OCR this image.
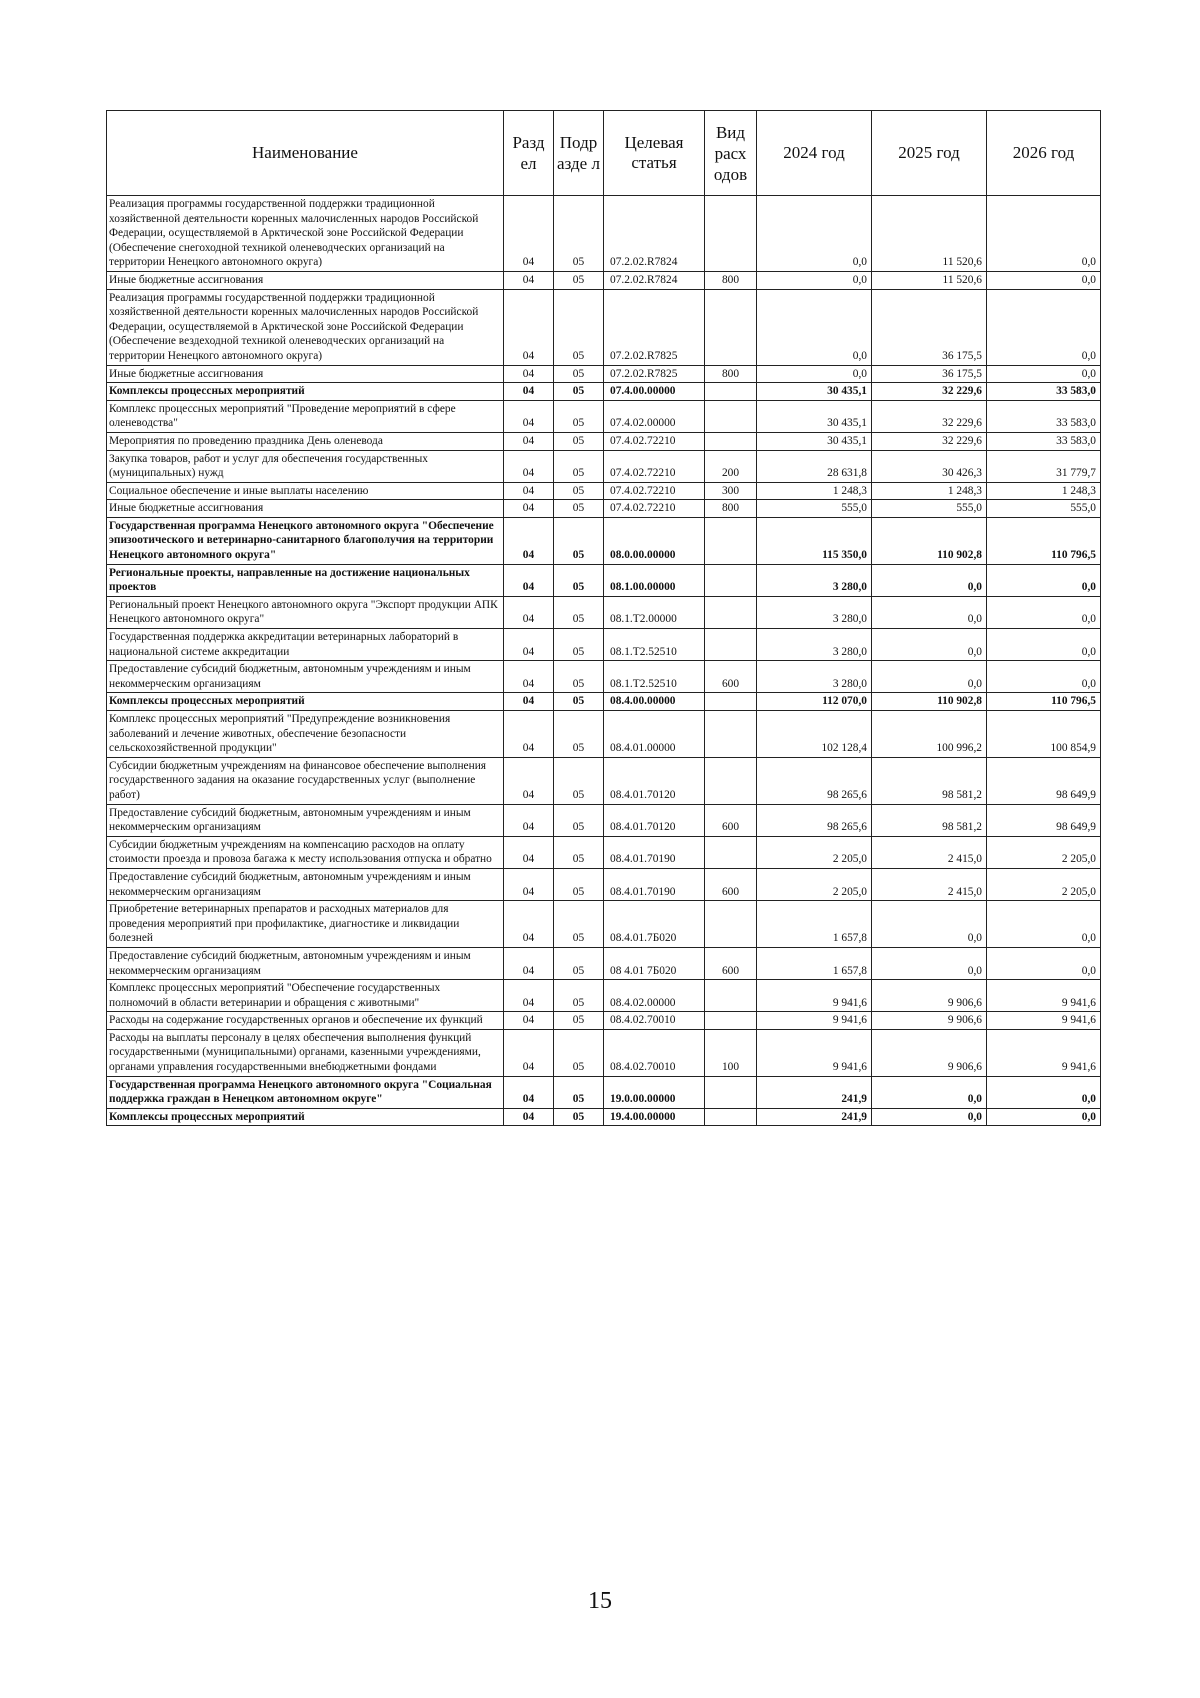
Наименование	Разд ел	Подр азде л	Целевая статья	Вид расх одов	2024 год	2025 год	2026 год
Реализация программы государственной поддержки традиционной хозяйственной деятельности коренных малочисленных народов Российской Федерации, осуществляемой в Арктической зоне Российской Федерации (Обеспечение снегоходной техникой оленеводческих организаций на территории Ненецкого автономного округа)	04	05	07.2.02.R7824		0,0	11 520,6	0,0
Иные бюджетные ассигнования	04	05	07.2.02.R7824	800	0,0	11 520,6	0,0
Реализация программы государственной поддержки традиционной хозяйственной деятельности коренных малочисленных народов Российской Федерации, осуществляемой в Арктической зоне Российской Федерации (Обеспечение вездеходной техникой оленеводческих организаций на территории Ненецкого автономного округа)	04	05	07.2.02.R7825		0,0	36 175,5	0,0
Иные бюджетные ассигнования	04	05	07.2.02.R7825	800	0,0	36 175,5	0,0
Комплексы процессных мероприятий	04	05	07.4.00.00000		30 435,1	32 229,6	33 583,0
Комплекс процессных мероприятий "Проведение мероприятий в сфере оленеводства"	04	05	07.4.02.00000		30 435,1	32 229,6	33 583,0
Мероприятия по проведению праздника День оленевода	04	05	07.4.02.72210		30 435,1	32 229,6	33 583,0
Закупка товаров, работ и услуг для обеспечения государственных (муниципальных) нужд	04	05	07.4.02.72210	200	28 631,8	30 426,3	31 779,7
Социальное обеспечение и иные выплаты населению	04	05	07.4.02.72210	300	1 248,3	1 248,3	1 248,3
Иные бюджетные ассигнования	04	05	07.4.02.72210	800	555,0	555,0	555,0
Государственная программа Ненецкого автономного округа "Обеспечение эпизоотического и ветеринарно-санитарного благополучия на территории Ненецкого автономного округа"	04	05	08.0.00.00000		115 350,0	110 902,8	110 796,5
Региональные проекты, направленные на достижение национальных проектов	04	05	08.1.00.00000		3 280,0	0,0	0,0
Региональный проект Ненецкого автономного округа "Экспорт продукции АПК Ненецкого автономного округа"	04	05	08.1.Т2.00000		3 280,0	0,0	0,0
Государственная поддержка аккредитации ветеринарных лабораторий в национальной системе аккредитации	04	05	08.1.Т2.52510		3 280,0	0,0	0,0
Предоставление субсидий бюджетным, автономным учреждениям и иным некоммерческим организациям	04	05	08.1.Т2.52510	600	3 280,0	0,0	0,0
Комплексы процессных мероприятий	04	05	08.4.00.00000		112 070,0	110 902,8	110 796,5
Комплекс процессных мероприятий "Предупреждение возникновения заболеваний и лечение животных, обеспечение безопасности сельскохозяйственной продукции"	04	05	08.4.01.00000		102 128,4	100 996,2	100 854,9
Субсидии бюджетным учреждениям на финансовое обеспечение выполнения государственного задания на оказание государственных услуг (выполнение работ)	04	05	08.4.01.70120		98 265,6	98 581,2	98 649,9
Предоставление субсидий бюджетным, автономным учреждениям и иным некоммерческим организациям	04	05	08.4.01.70120	600	98 265,6	98 581,2	98 649,9
Субсидии бюджетным учреждениям на компенсацию расходов на оплату стоимости проезда и провоза багажа к месту использования отпуска и обратно	04	05	08.4.01.70190		2 205,0	2 415,0	2 205,0
Предоставление субсидий бюджетным, автономным учреждениям и иным некоммерческим организациям	04	05	08.4.01.70190	600	2 205,0	2 415,0	2 205,0
Приобретение ветеринарных препаратов и расходных материалов для проведения мероприятий при профилактике, диагностике и ликвидации болезней	04	05	08.4.01.7Б020		1 657,8	0,0	0,0
Предоставление субсидий бюджетным, автономным учреждениям и иным некоммерческим организациям	04	05	08 4.01 7Б020	600	1 657,8	0,0	0,0
Комплекс процессных мероприятий "Обеспечение государственных полномочий в области ветеринарии и обращения с животными"	04	05	08.4.02.00000		9 941,6	9 906,6	9 941,6
Расходы на содержание государственных органов и обеспечение их функций	04	05	08.4.02.70010		9 941,6	9 906,6	9 941,6
Расходы на выплаты персоналу в целях обеспечения выполнения функций государственными (муниципальными) органами, казенными учреждениями, органами управления государственными внебюджетными фондами	04	05	08.4.02.70010	100	9 941,6	9 906,6	9 941,6
Государственная программа Ненецкого автономного округа "Социальная поддержка граждан в Ненецком автономном округе"	04	05	19.0.00.00000		241,9	0,0	0,0
Комплексы процессных мероприятий	04	05	19.4.00.00000		241,9	0,0	0,0
15
